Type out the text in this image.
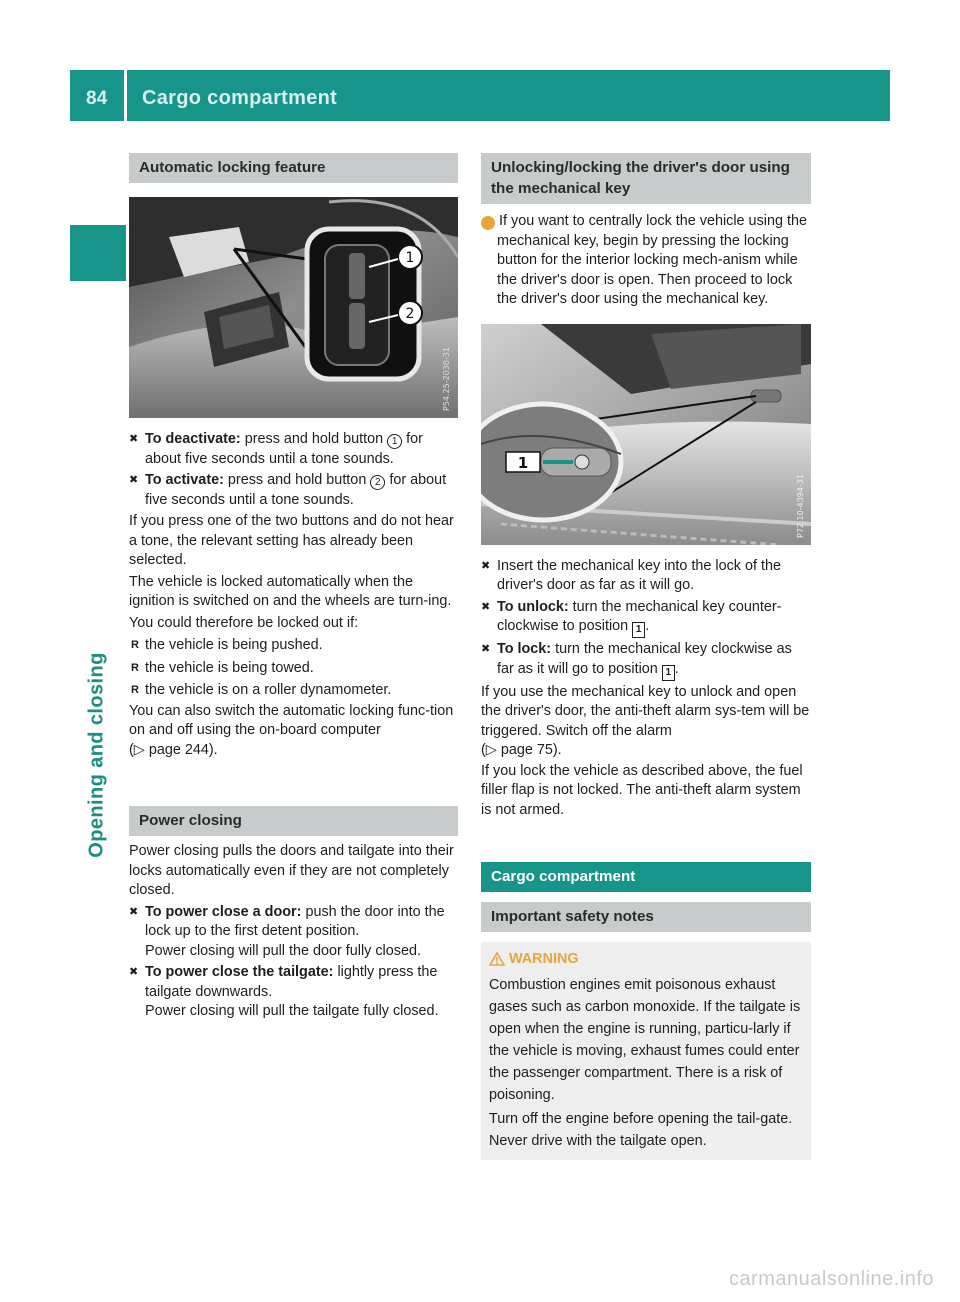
84 Cargo compartment
Opening and closing
Automatic locking feature
1
2
P54.25-2030-31

✖ To deactivate: press and hold button 1 for about five seconds until a tone sounds.

✖ To activate: press and hold button 2 for about five seconds until a tone sounds.

If you press one of the two buttons and do not hear a tone, the relevant setting has already been selected.

The vehicle is locked automatically when the ignition is switched on and the wheels are turn-ing.

You could therefore be locked out if:

R the vehicle is being pushed.

R the vehicle is being towed.

R the vehicle is on a roller dynamometer.

You can also switch the automatic locking func-tion on and off using the on-board computer

(▷ page 244).

Power closing

Power closing pulls the doors and tailgate into their locks automatically even if they are not completely closed.

✖ To power close a door: push the door into the lock up to the first detent position.
Power closing will pull the door fully closed.

✖ To power close the tailgate: lightly press the tailgate downwards.
Power closing will pull the tailgate fully closed.

Unlocking/locking the driver's door using the mechanical key

i If you want to centrally lock the vehicle using the mechanical key, begin by pressing the locking button for the interior locking mech-anism while the driver's door is open. Then proceed to lock the driver's door using the mechanical key.

1
P72.10-4394-31

✖ Insert the mechanical key into the lock of the driver's door as far as it will go.

✖ To unlock: turn the mechanical key counter-clockwise to position 1 .

✖ To lock: turn the mechanical key clockwise as far as it will go to position 1 .

If you use the mechanical key to unlock and open the driver's door, the anti-theft alarm sys-tem will be triggered. Switch off the alarm

(▷ page 75).

If you lock the vehicle as described above, the fuel filler flap is not locked. The anti-theft alarm system is not armed.

Cargo compartment
Important safety notes
WARNING

Combustion engines emit poisonous exhaust gases such as carbon monoxide. If the tailgate is open when the engine is running, particu-larly if the vehicle is moving, exhaust fumes could enter the passenger compartment. There is a risk of poisoning.

Turn off the engine before opening the tail-gate. Never drive with the tailgate open.

carmanualsonline.info
